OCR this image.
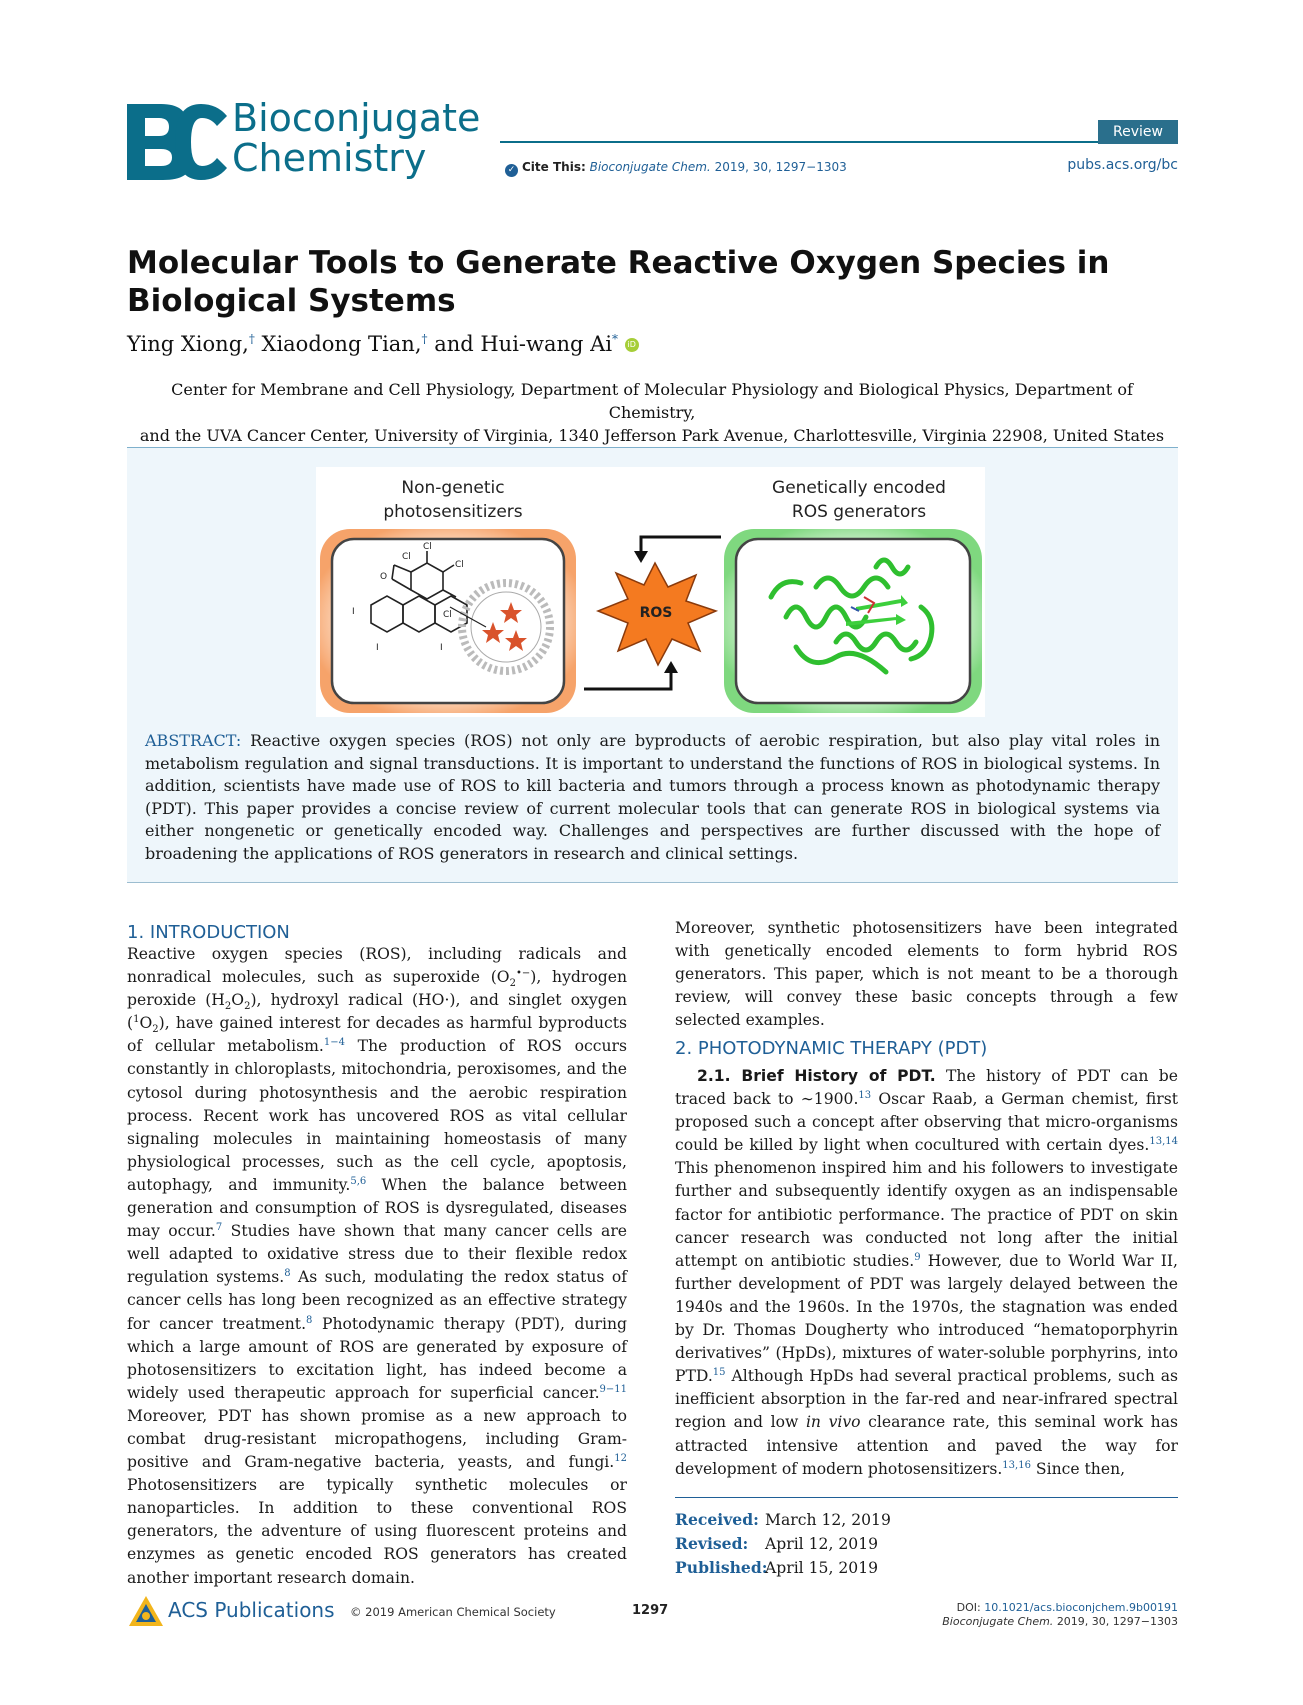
Bioconjugate
Chemistry
Review
✓ Cite This: Bioconjugate Chem. 2019, 30, 1297−1303	pubs.acs.org/bc
Molecular Tools to Generate Reactive Oxygen Species in Biological Systems
Ying Xiong,† Xiaodong Tian,† and Hui-wang Ai* iD
Center for Membrane and Cell Physiology, Department of Molecular Physiology and Biological Physics, Department of Chemistry,
and the UVA Cancer Center, University of Virginia, 1340 Jefferson Park Avenue, Charlottesville, Virginia 22908, United States
Non-genetic
photosensitizers
Genetically encoded
ROS generators
Cl
Cl
Cl
Cl
O
I
I	I
I	ROS
ABSTRACT: Reactive oxygen species (ROS) not only are byproducts of aerobic respiration, but also play vital roles in metabolism regulation and signal transductions. It is important to understand the functions of ROS in biological systems. In addition, scientists have made use of ROS to kill bacteria and tumors through a process known as photodynamic therapy (PDT). This paper provides a concise review of current molecular tools that can generate ROS in biological systems via either nongenetic or genetically encoded way. Challenges and perspectives are further discussed with the hope of broadening the applications of ROS generators in research and clinical settings.
1. INTRODUCTION
Reactive oxygen species (ROS), including radicals and nonradical molecules, such as superoxide $(O_2^{•-})$, hydrogen peroxide $(H_2O_2)$, hydroxyl radical (HO·), and singlet oxygen $(^1O_2)$, have gained interest for decades as harmful byproducts of cellular metabolism.$^{1-4}$ The production of ROS occurs constantly in chloroplasts, mitochondria, peroxisomes, and the cytosol during photosynthesis and the aerobic respiration process. Recent work has uncovered ROS as vital cellular signaling molecules in maintaining homeostasis of many physiological processes, such as the cell cycle, apoptosis, autophagy, and immunity.$^{5,6}$ When the balance between generation and consumption of ROS is dysregulated, diseases may occur.$^7$ Studies have shown that many cancer cells are well adapted to oxidative stress due to their flexible redox regulation systems.$^8$ As such, modulating the redox status of cancer cells has long been recognized as an effective strategy for cancer treatment.$^8$ Photodynamic therapy (PDT), during which a large amount of ROS are generated by exposure of photosensitizers to excitation light, has indeed become a widely used therapeutic approach for superficial cancer.$^{9-11}$ Moreover, PDT has shown promise as a new approach to combat drug-resistant micropathogens, including Gram-positive and Gram-negative bacteria, yeasts, and fungi.$^{12}$ Photosensitizers are typically synthetic molecules or nanoparticles. In addition to these conventional ROS generators, the adventure of using fluorescent proteins and enzymes as genetic encoded ROS generators has created another important research domain.
Moreover, synthetic photosensitizers have been integrated with genetically encoded elements to form hybrid ROS generators. This paper, which is not meant to be a thorough review, will convey these basic concepts through a few selected examples.
2. PHOTODYNAMIC THERAPY (PDT)
2.1. Brief History of PDT. The history of PDT can be traced back to ∼1900.13 Oscar Raab, a German chemist, first proposed such a concept after observing that micro-organisms could be killed by light when cocultured with certain dyes.$^{13,14}$ This phenomenon inspired him and his followers to investigate further and subsequently identify oxygen as an indispensable factor for antibiotic performance. The practice of PDT on skin cancer research was conducted not long after the initial attempt on antibiotic studies.$^9$ However, due to World War II, further development of PDT was largely delayed between the 1940s and the 1960s. In the 1970s, the stagnation was ended by Dr. Thomas Dougherty who introduced “hematoporphyrin derivatives” (HpDs), mixtures of water-soluble porphyrins, into PTD.$^{15}$ Although HpDs had several practical problems, such as inefficient absorption in the far-red and near-infrared spectral region and low in vivo clearance rate, this seminal work has attracted intensive attention and paved the way for development of modern photosensitizers.$^{13,16}$ Since then,
Received: March 12, 2019
Revised: April 12, 2019
Published:April 15, 2019
ACS Publications © 2019 American Chemical Society	1297	DOI: 10.1021/acs.bioconjchem.9b00191
Bioconjugate Chem. 2019, 30, 1297−1303
